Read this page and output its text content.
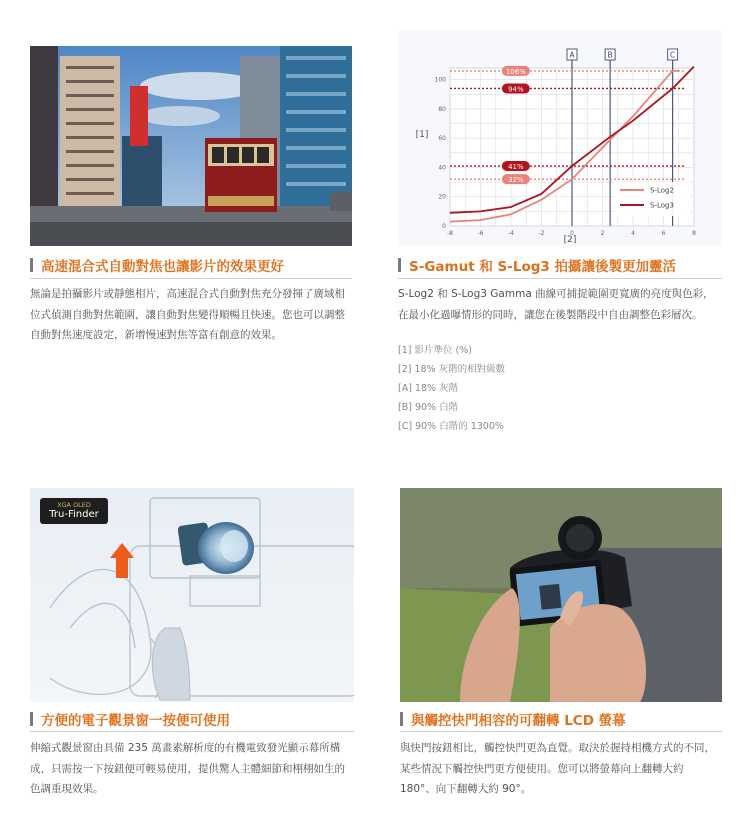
高速混合式自動對焦也讓影片的效果更好
無論是拍攝影片或靜態相片，高速混合式自動對焦充分發揮了廣域相位式偵測自動對焦範圍，讓自動對焦變得順暢且快速。您也可以調整自動對焦速度設定，新增慢速對焦等富有創意的效果。
A	B	C
106%
94%
41%
32%
-8	-6	-4	-2	0	2	4	6	8
0
20
40
60
80
100
[1]
[2]
S-Log2
S-Log3
S-Gamut 和 S-Log3 拍攝讓後製更加靈活
S-Log2 和 S-Log3 Gamma 曲線可捕捉範圍更寬廣的亮度與色彩，在最小化過曝情形的同時，讓您在後製階段中自由調整色彩層次。
[1] 影片準位 (%)
[2] 18% 灰階的相對級數
[A] 18% 灰階
[B] 90% 白階
[C] 90% 白階的 1300%
XGA OLED
Tru-Finder
方便的電子觀景窗一按便可使用
伸縮式觀景窗由具備 235 萬畫素解析度的有機電致發光顯示幕所構成，只需按一下按鈕便可輕易使用，提供驚人主體細節和栩栩如生的色調重現效果。
與觸控快門相容的可翻轉 LCD 螢幕
與快門按鈕相比，觸控快門更為直覺。取決於握持相機方式的不同，某些情況下觸控快門更方便使用。您可以將螢幕向上翻轉大約 180°、向下翻轉大約 90°。
